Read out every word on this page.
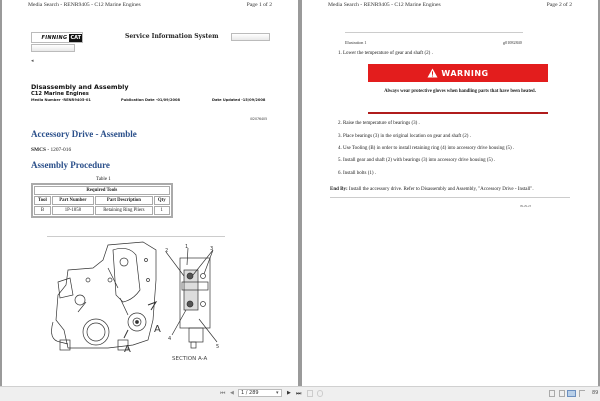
Media Search - RENR9405 - C12 Marine Engines	Page 1 of 2
FINNING CAT	Service Information System
◂
Disassembly and Assembly
C12 Marine Engines
Media Number -RENR9405-01	Publication Date -01/09/2008	Date Updated -15/09/2008
i02076405
Accessory Drive - Assemble
SMCS - 1207-016
Assembly Procedure
Table 1
Required Tools			
Tool	Part Number	Part Description	Qty
B	1P-1858	Retaining Ring Pliers	1
A
A
2
1	3
4
5
SECTION A-A
Media Search - RENR9405 - C12 Marine Engines	Page 2 of 2
Illustration 1	g01082840
1. Lower the temperature of gear and shaft (2) .
WARNING
Always wear protective gloves when handling parts that have been heated.
2. Raise the temperature of bearings (3) .
3. Place bearings (3) in the original location on gear and shaft (2) .
4. Use Tooling (B) in order to install retaining ring (4) into accessory drive housing (5) .
5. Install gear and shaft (2) with bearings (3) into accessory drive housing (5) .
6. Install bolts (1) .
End By: Install the accessory drive. Refer to Disassembly and Assembly, "Accessory Drive - Install".
09-29-23
⏮ ◀	1 / 289	▾ ▶ ⏭	89
